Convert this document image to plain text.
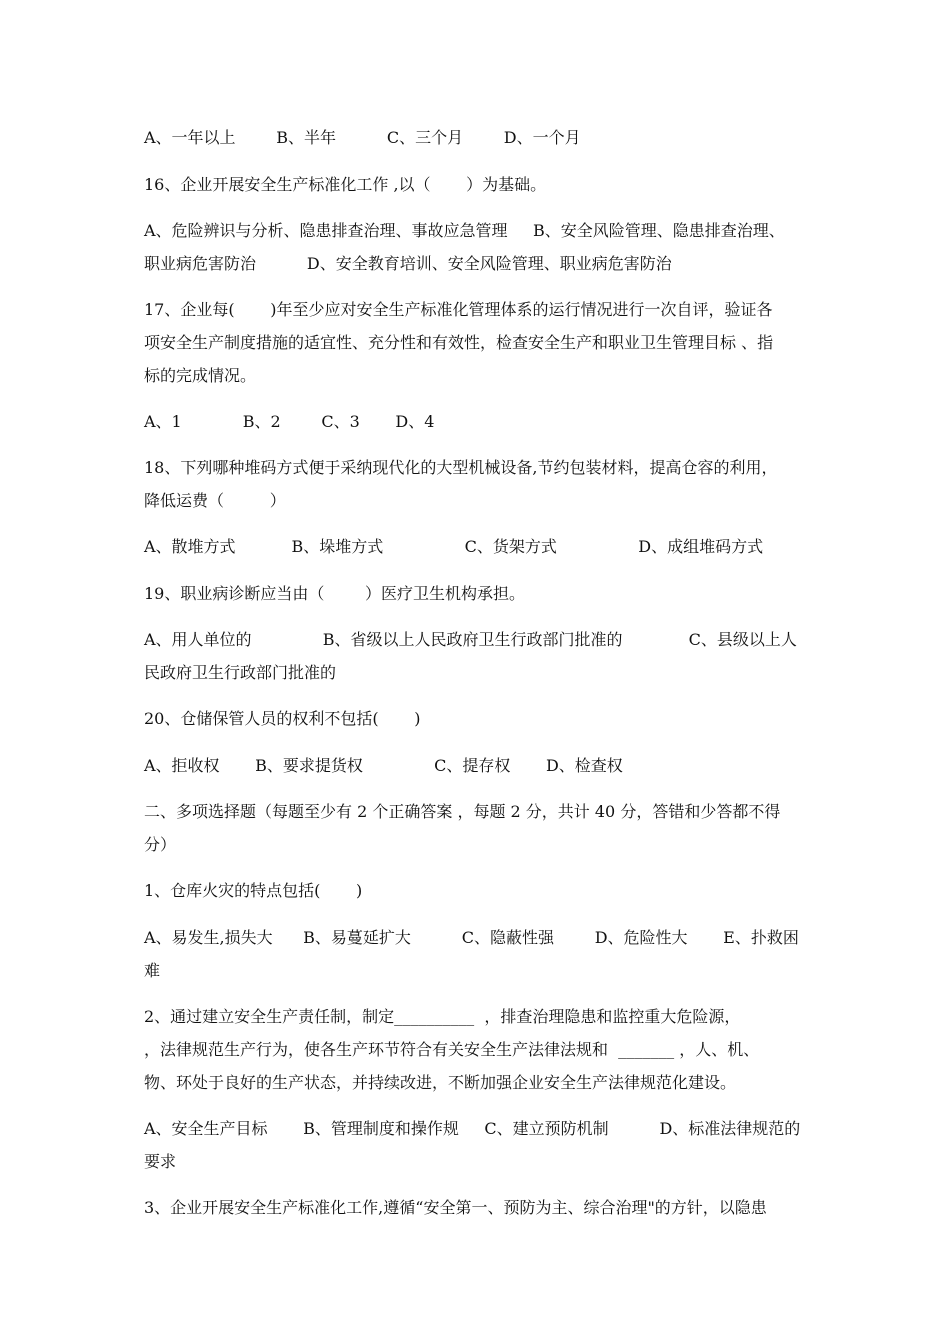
A、一年以上        B、半年          C、三个月        D、一个月
16、企业开展安全生产标准化工作 ,以（       ）为基础。
A、危险辨识与分析、隐患排查治理、事故应急管理     B、安全风险管理、隐患排查治理、
职业病危害防治          D、安全教育培训、安全风险管理、职业病危害防治
17、企业每(       )年至少应对安全生产标准化管理体系的运行情况进行一次自评，验证各
项安全生产制度措施的适宜性、充分性和有效性，检查安全生产和职业卫生管理目标 、指
标的完成情况。
A、1            B、2        C、3       D、4
18、下列哪种堆码方式便于采纳现代化的大型机械设备,节约包装材料，提高仓容的利用，
降低运费（         ）
A、散堆方式           B、垛堆方式                C、货架方式                D、成组堆码方式
19、职业病诊断应当由（        ）医疗卫生机构承担。
A、用人单位的              B、省级以上人民政府卫生行政部门批准的             C、县级以上人
民政府卫生行政部门批准的
20、仓储保管人员的权利不包括(       )
A、拒收权       B、要求提货权              C、提存权       D、检查权
二、多项选择题（每题至少有 2 个正确答案 ，每题 2 分，共计 40 分，答错和少答都不得
分）
1、仓库火灾的特点包括(       )
A、易发生,损失大      B、易蔓延扩大          C、隐蔽性强        D、危险性大       E、扑救困
难
2、通过建立安全生产责任制，制定__________  ，排查治理隐患和监控重大危险源，
，法律规范生产行为，使各生产环节符合有关安全生产法律法规和  _______ ，人、机、
物、环处于良好的生产状态，并持续改进，不断加强企业安全生产法律规范化建设。
A、安全生产目标       B、管理制度和操作规     C、建立预防机制          D、标准法律规范的
要求
3、企业开展安全生产标准化工作,遵循“安全第一、预防为主、综合治理"的方针，以隐患
